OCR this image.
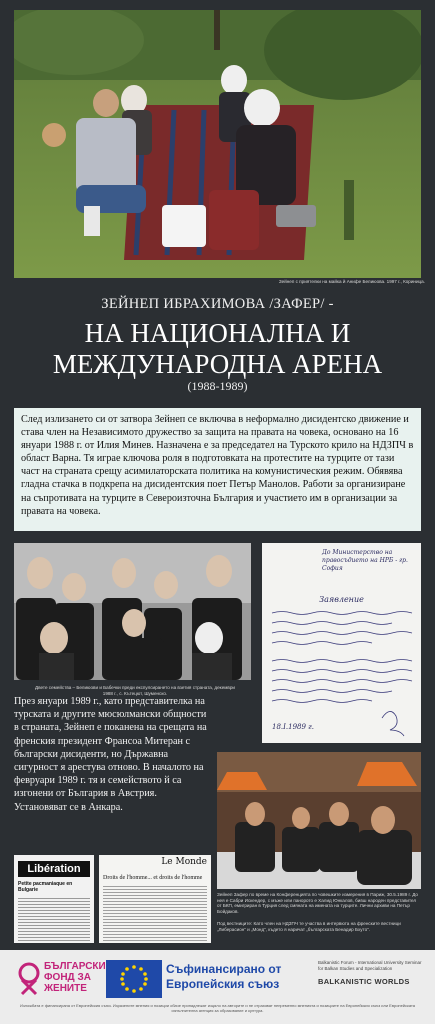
Зейнеп с приятелки на майка й Анифе Белиюова. 1997 г., Кориница.
ЗЕЙНЕП ИБРАХИМОВА /ЗАФЕР/ -
НА НАЦИОНАЛНА И
МЕЖДУНАРОДНА АРЕНА
(1988-1989)
След излизането си от затвора Зейнеп се включва в неформално дисидентско движение и става член на Независимото дружество за защита на правата на човека, основано на 16 януари 1988 г. от Илия Минев. Назначена е за председател на Турското крило на НДЗПЧ в област Варна. Тя играе ключова роля в подготовката на протестите на турците от тази част на страната срещу асимилаторската политика на комунистическия режим. Обявява гладна стачка в подкрепа на дисидентския поет Петър Манолов. Работи за организиране на съпротивата на турците в Североизточна България и участието им в организации за правата на човека.
Двете семейства – Белиюови и Бабечки преди експулсирането на взетия странатa, декември 1988 г., с. Кътецют, Шуменско.
До Министерство на правосъдието на НРБ - гр. София
Заявление
18.I.1989 г.
През януари 1989 г., като представителка на турската и другите мюсюлмански общности в страната, Зейнеп е поканена на срещата на френския президент Франсоа Митеран с български дисиденти, но Държавна сигурност я арестува отново. В началото на февруари 1989 г. тя и семейството й са изгонени от България в Австрия. Установяват се в Анкара.
Зейнеп Зафер по време на Конференцията по човешките измерения в Париж, 30.5.1989 г. До нея е Сабри Искендер, с мъже или панорото е Халид Юнкалов, бивш народен представител от БКП, емигриран в Турция след смяната на имената на турците. Лични архиви на Петър Бойдаков.
Под вестниците: Като член на НДЗПЧ те участва в интервюта на френските вестници „Либерасион” и „Монд”, където я наричат „българската Бенадир Бхуто”.
Libération
Petite pacmaniaque en Bulgarie
Le Monde
Droits de l'homme... et droits de l'homme
БЪЛГАРСКИ ФОНД ЗА ЖЕНИТЕ
Съфинансирано от
Европейския съюз
Balkanistic Forum - International University Seminar for Balkan Studies and Specialization
BALKANISTIC WORLDS
Изложбата е финансирана от Европейския съюз. Изразените мнения и позиции обаче принадлежат изцяло на авторите и не отразяват непременно мненията и позициите на Европейския съюз или Европейската изпълнителна агенция за образование и култура.
